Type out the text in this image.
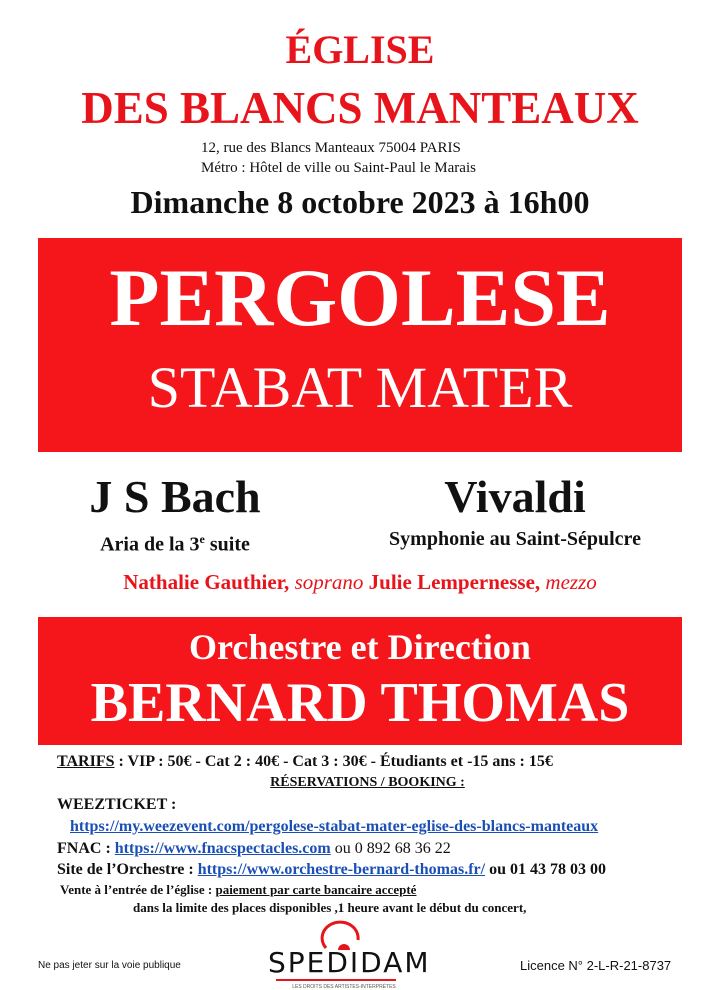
ÉGLISE
DES BLANCS MANTEAUX
12, rue des Blancs Manteaux 75004 PARIS
Métro : Hôtel de ville ou Saint-Paul le Marais
Dimanche 8 octobre 2023 à 16h00
PERGOLESE
STABAT MATER
J S Bach
Aria de la 3e suite
Vivaldi
Symphonie au Saint-Sépulcre
Nathalie Gauthier, soprano Julie Lempernesse, mezzo
Orchestre et Direction
BERNARD THOMAS
TARIFS : VIP : 50€ - Cat 2 : 40€ - Cat 3 : 30€ - Étudiants et -15 ans : 15€
RÉSERVATIONS / BOOKING :
WEEZTICKET :
https://my.weezevent.com/pergolese-stabat-mater-eglise-des-blancs-manteaux
FNAC : https://www.fnacspectacles.com ou 0 892 68 36 22
Site de l’Orchestre : https://www.orchestre-bernard-thomas.fr/ ou 01 43 78 03 00
Vente à l’entrée de l’église : paiement par carte bancaire accepté
dans la limite des places disponibles ,1 heure avant le début du concert,
Ne pas jeter sur la voie publique	SPEDIDAM
LES DROITS DES ARTISTES-INTERPRÈTES
Licence N° 2-L-R-21-8737
